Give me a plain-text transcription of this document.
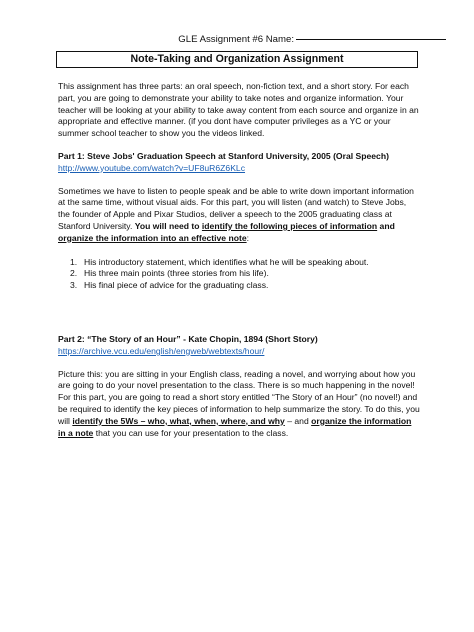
GLE Assignment #6 Name:
Note-Taking and Organization Assignment

This assignment has three parts: an oral speech, non-fiction text, and a short story. For each part, you are going to demonstrate your ability to take notes and organize information. Your teacher will be looking at your ability to take away content from each source and organize in an appropriate and effective manner. (if you dont have computer privileges as a YC or your summer school teacher to show you the videos linked.

Part 1: Steve Jobs' Graduation Speech at Stanford University, 2005 (Oral Speech)

http://www.youtube.com/watch?v=UF8uR6Z6KLc

Sometimes we have to listen to people speak and be able to write down important information at the same time, without visual aids. For this part, you will listen (and watch) to Steve Jobs, the founder of Apple and Pixar Studios, deliver a speech to the 2005 graduating class at Stanford University. You will need to identify the following pieces of information and organize the information into an effective note:

1. His introductory statement, which identifies what he will be speaking about.
2. His three main points (three stories from his life).
3. His final piece of advice for the graduating class.

Part 2: “The Story of an Hour” - Kate Chopin, 1894 (Short Story)

https://archive.vcu.edu/english/engweb/webtexts/hour/

Picture this: you are sitting in your English class, reading a novel, and worrying about how you are going to do your novel presentation to the class. There is so much happening in the novel! For this part, you are going to read a short story entitled “The Story of an Hour” (no novel!) and be required to identify the key pieces of information to help summarize the story. To do this, you will identify the 5Ws – who, what, when, where, and why – and organize the information in a note that you can use for your presentation to the class.
